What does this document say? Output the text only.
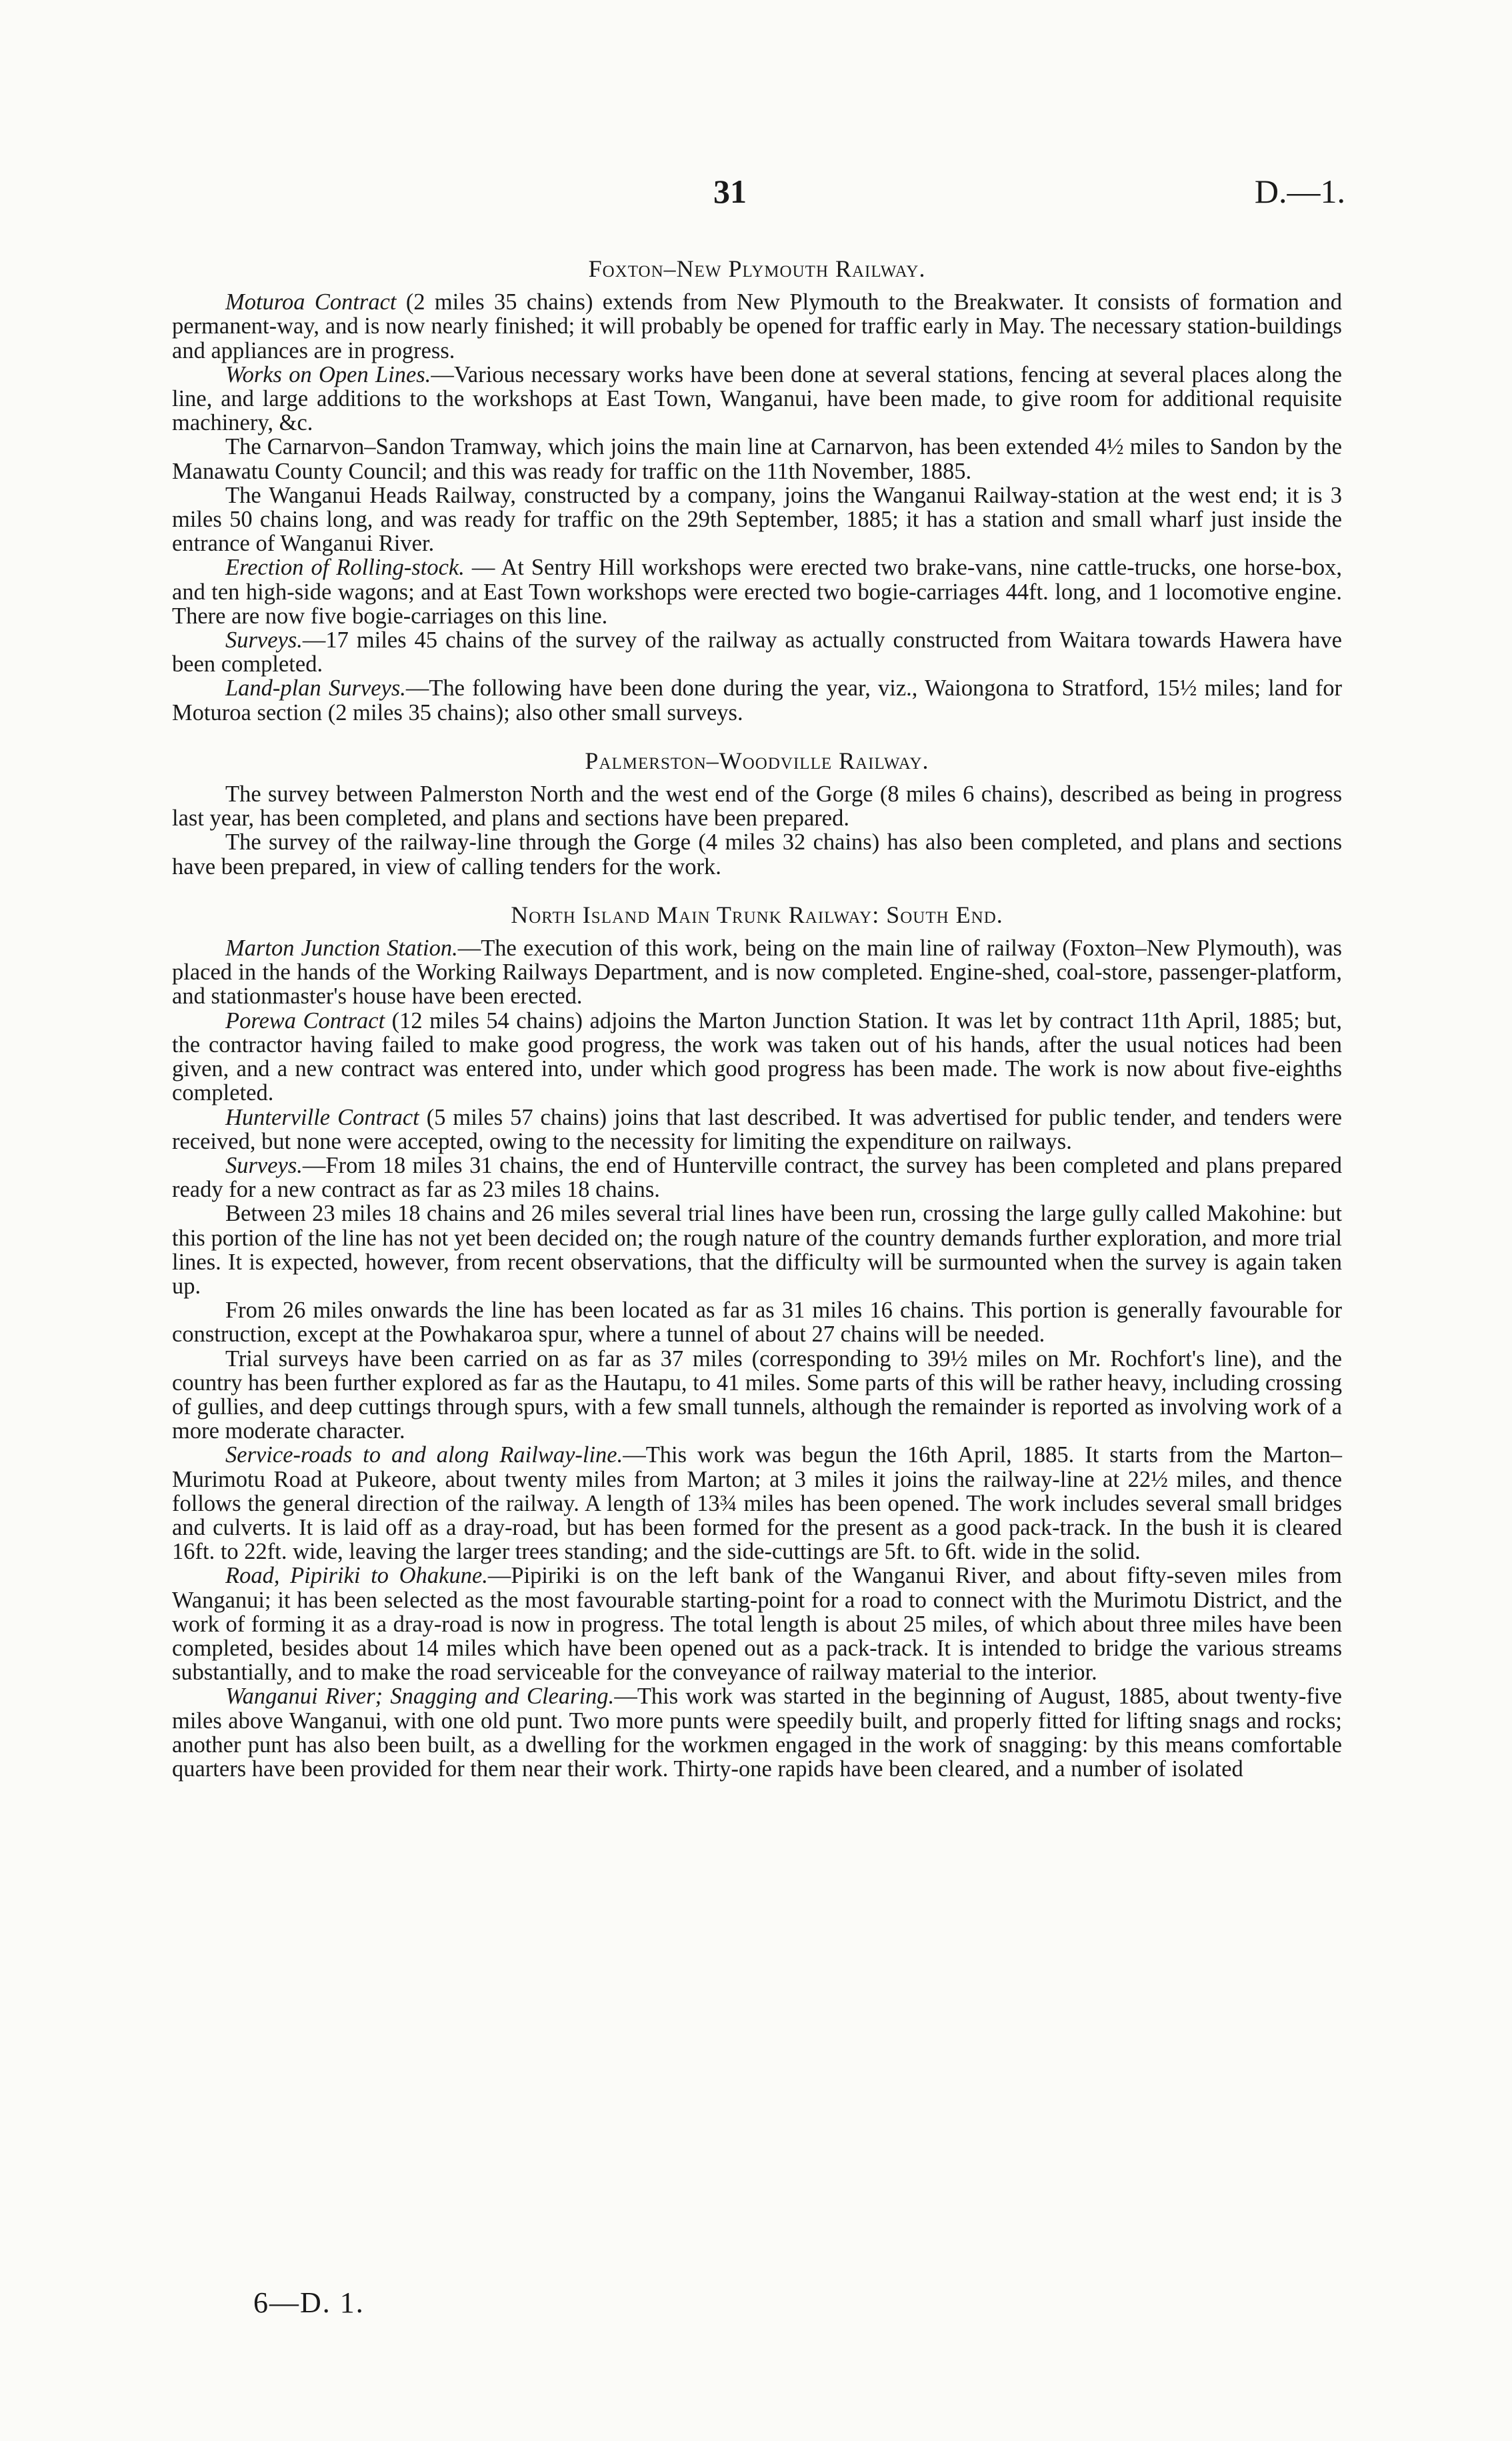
31	D.—1.
Foxton–New Plymouth Railway.

Moturoa Contract (2 miles 35 chains) extends from New Plymouth to the Breakwater. It consists of formation and permanent-way, and is now nearly finished; it will probably be opened for traffic early in May. The necessary station-buildings and appliances are in progress.

Works on Open Lines.—Various necessary works have been done at several stations, fencing at several places along the line, and large additions to the workshops at East Town, Wanganui, have been made, to give room for additional requisite machinery, &c.

The Carnarvon–Sandon Tramway, which joins the main line at Carnarvon, has been extended 4½ miles to Sandon by the Manawatu County Council; and this was ready for traffic on the 11th November, 1885.

The Wanganui Heads Railway, constructed by a company, joins the Wanganui Railway-station at the west end; it is 3 miles 50 chains long, and was ready for traffic on the 29th September, 1885; it has a station and small wharf just inside the entrance of Wanganui River.

Erection of Rolling-stock. — At Sentry Hill workshops were erected two brake-vans, nine cattle-trucks, one horse-box, and ten high-side wagons; and at East Town workshops were erected two bogie-carriages 44ft. long, and 1 locomotive engine. There are now five bogie-carriages on this line.

Surveys.—17 miles 45 chains of the survey of the railway as actually constructed from Waitara towards Hawera have been completed.

Land-plan Surveys.—The following have been done during the year, viz., Waiongona to Stratford, 15½ miles; land for Moturoa section (2 miles 35 chains); also other small surveys.

Palmerston–Woodville Railway.

The survey between Palmerston North and the west end of the Gorge (8 miles 6 chains), described as being in progress last year, has been completed, and plans and sections have been prepared.

The survey of the railway-line through the Gorge (4 miles 32 chains) has also been completed, and plans and sections have been prepared, in view of calling tenders for the work.

North Island Main Trunk Railway: South End.

Marton Junction Station.—The execution of this work, being on the main line of railway (Foxton–New Plymouth), was placed in the hands of the Working Railways Department, and is now completed. Engine-shed, coal-store, passenger-platform, and stationmaster's house have been erected.

Porewa Contract (12 miles 54 chains) adjoins the Marton Junction Station. It was let by contract 11th April, 1885; but, the contractor having failed to make good progress, the work was taken out of his hands, after the usual notices had been given, and a new contract was entered into, under which good progress has been made. The work is now about five-eighths completed.

Hunterville Contract (5 miles 57 chains) joins that last described. It was advertised for public tender, and tenders were received, but none were accepted, owing to the necessity for limiting the expenditure on railways.

Surveys.—From 18 miles 31 chains, the end of Hunterville contract, the survey has been completed and plans prepared ready for a new contract as far as 23 miles 18 chains.

Between 23 miles 18 chains and 26 miles several trial lines have been run, crossing the large gully called Makohine: but this portion of the line has not yet been decided on; the rough nature of the country demands further exploration, and more trial lines. It is expected, however, from recent observations, that the difficulty will be surmounted when the survey is again taken up.

From 26 miles onwards the line has been located as far as 31 miles 16 chains. This portion is generally favourable for construction, except at the Powhakaroa spur, where a tunnel of about 27 chains will be needed.

Trial surveys have been carried on as far as 37 miles (corresponding to 39½ miles on Mr. Rochfort's line), and the country has been further explored as far as the Hautapu, to 41 miles. Some parts of this will be rather heavy, including crossing of gullies, and deep cuttings through spurs, with a few small tunnels, although the remainder is reported as involving work of a more moderate character.

Service-roads to and along Railway-line.—This work was begun the 16th April, 1885. It starts from the Marton–Murimotu Road at Pukeore, about twenty miles from Marton; at 3 miles it joins the railway-line at 22½ miles, and thence follows the general direction of the railway. A length of 13¾ miles has been opened. The work includes several small bridges and culverts. It is laid off as a dray-road, but has been formed for the present as a good pack-track. In the bush it is cleared 16ft. to 22ft. wide, leaving the larger trees standing; and the side-cuttings are 5ft. to 6ft. wide in the solid.

Road, Pipiriki to Ohakune.—Pipiriki is on the left bank of the Wanganui River, and about fifty-seven miles from Wanganui; it has been selected as the most favourable starting-point for a road to connect with the Murimotu District, and the work of forming it as a dray-road is now in progress. The total length is about 25 miles, of which about three miles have been completed, besides about 14 miles which have been opened out as a pack-track. It is intended to bridge the various streams substantially, and to make the road serviceable for the conveyance of railway material to the interior.

Wanganui River; Snagging and Clearing.—This work was started in the beginning of August, 1885, about twenty-five miles above Wanganui, with one old punt. Two more punts were speedily built, and properly fitted for lifting snags and rocks; another punt has also been built, as a dwelling for the workmen engaged in the work of snagging: by this means comfortable quarters have been provided for them near their work. Thirty-one rapids have been cleared, and a number of isolated

6—D. 1.
